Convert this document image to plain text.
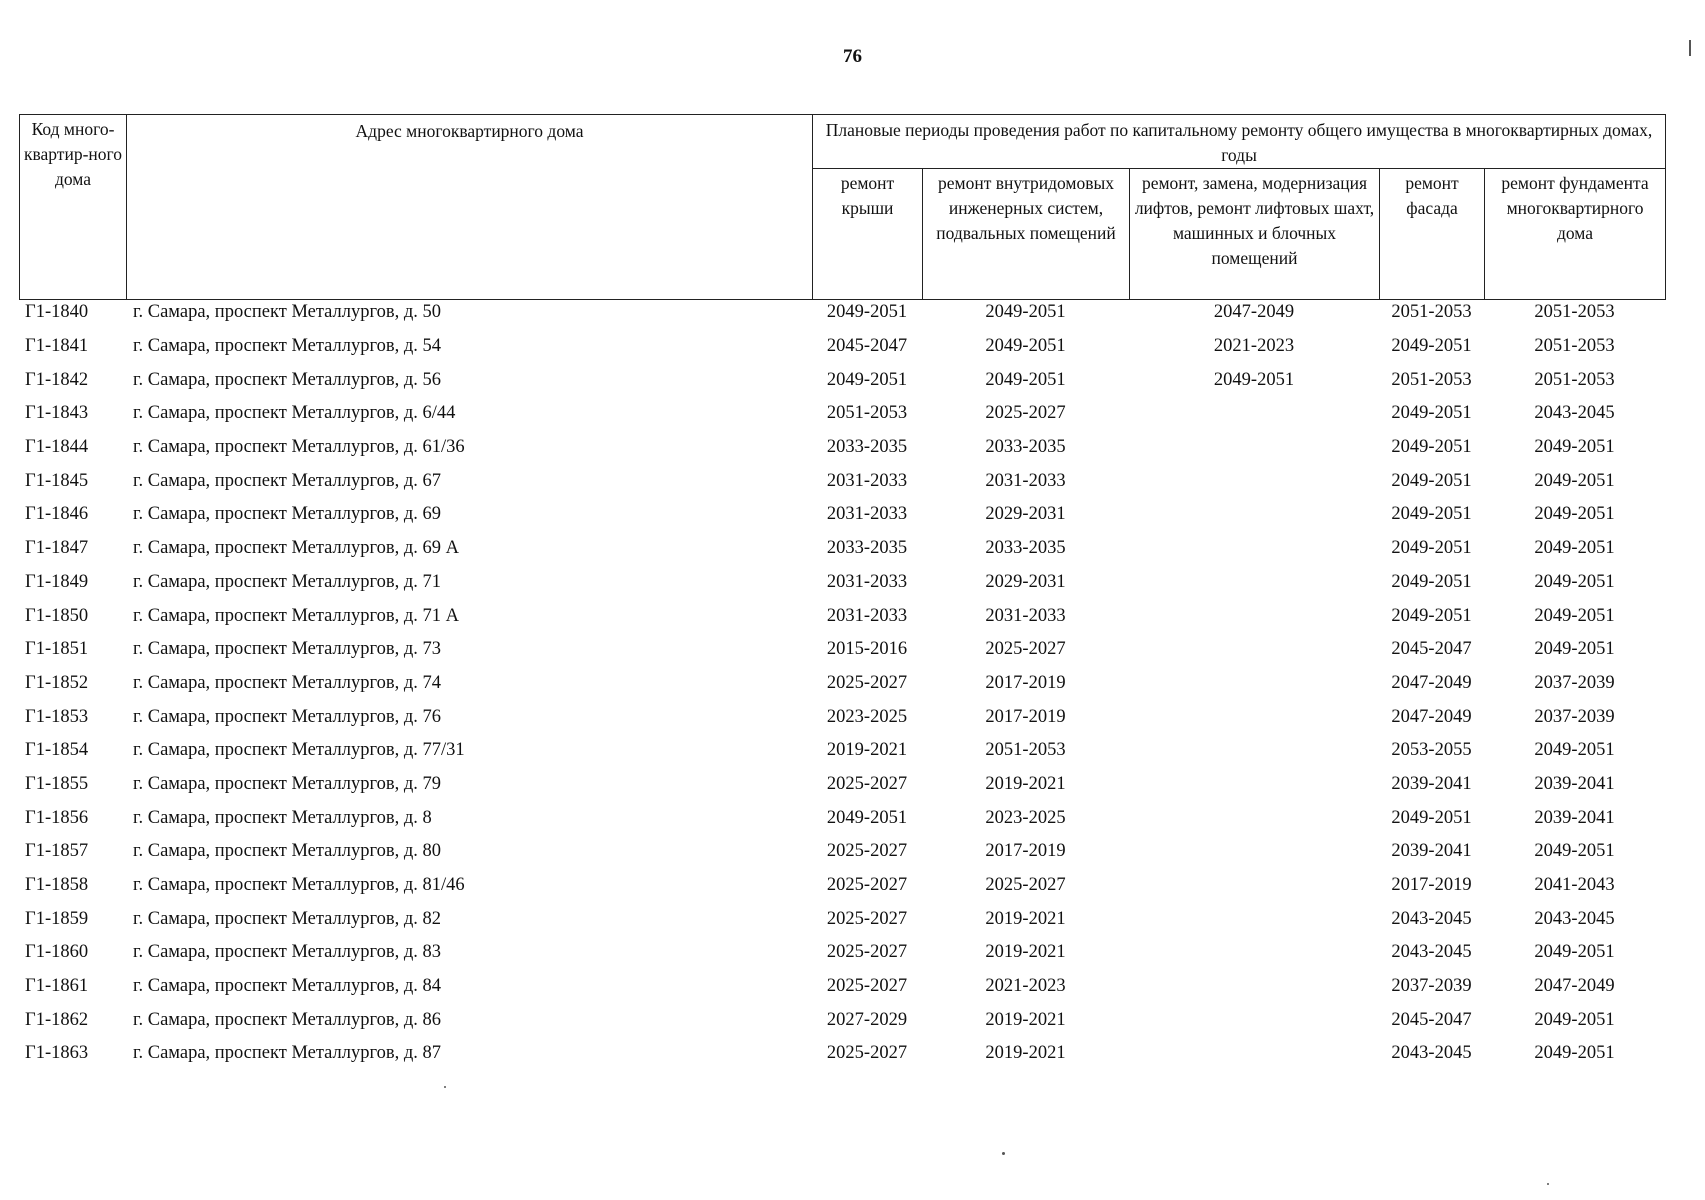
76
Код много-квартир-ного дома	Адрес многоквартирного дома	Плановые периоды проведения работ по капитальному ремонту общего имущества в многоквартирных домах, годы				
		ремонт крыши	ремонт внутридомовых инженерных систем, подвальных помещений	ремонт, замена, модернизация лифтов, ремонт лифтовых шахт, машинных и блочных помещений	ремонт фасада	ремонт фундамента многоквартирного дома
Г1-1840	г. Самара, проспект Металлургов, д. 50	2049-2051	2049-2051	2047-2049	2051-2053	2051-2053
Г1-1841	г. Самара, проспект Металлургов, д. 54	2045-2047	2049-2051	2021-2023	2049-2051	2051-2053
Г1-1842	г. Самара, проспект Металлургов, д. 56	2049-2051	2049-2051	2049-2051	2051-2053	2051-2053
Г1-1843	г. Самара, проспект Металлургов, д. 6/44	2051-2053	2025-2027		2049-2051	2043-2045
Г1-1844	г. Самара, проспект Металлургов, д. 61/36	2033-2035	2033-2035		2049-2051	2049-2051
Г1-1845	г. Самара, проспект Металлургов, д. 67	2031-2033	2031-2033		2049-2051	2049-2051
Г1-1846	г. Самара, проспект Металлургов, д. 69	2031-2033	2029-2031		2049-2051	2049-2051
Г1-1847	г. Самара, проспект Металлургов, д. 69 А	2033-2035	2033-2035		2049-2051	2049-2051
Г1-1849	г. Самара, проспект Металлургов, д. 71	2031-2033	2029-2031		2049-2051	2049-2051
Г1-1850	г. Самара, проспект Металлургов, д. 71 А	2031-2033	2031-2033		2049-2051	2049-2051
Г1-1851	г. Самара, проспект Металлургов, д. 73	2015-2016	2025-2027		2045-2047	2049-2051
Г1-1852	г. Самара, проспект Металлургов, д. 74	2025-2027	2017-2019		2047-2049	2037-2039
Г1-1853	г. Самара, проспект Металлургов, д. 76	2023-2025	2017-2019		2047-2049	2037-2039
Г1-1854	г. Самара, проспект Металлургов, д. 77/31	2019-2021	2051-2053		2053-2055	2049-2051
Г1-1855	г. Самара, проспект Металлургов, д. 79	2025-2027	2019-2021		2039-2041	2039-2041
Г1-1856	г. Самара, проспект Металлургов, д. 8	2049-2051	2023-2025		2049-2051	2039-2041
Г1-1857	г. Самара, проспект Металлургов, д. 80	2025-2027	2017-2019		2039-2041	2049-2051
Г1-1858	г. Самара, проспект Металлургов, д. 81/46	2025-2027	2025-2027		2017-2019	2041-2043
Г1-1859	г. Самара, проспект Металлургов, д. 82	2025-2027	2019-2021		2043-2045	2043-2045
Г1-1860	г. Самара, проспект Металлургов, д. 83	2025-2027	2019-2021		2043-2045	2049-2051
Г1-1861	г. Самара, проспект Металлургов, д. 84	2025-2027	2021-2023		2037-2039	2047-2049
Г1-1862	г. Самара, проспект Металлургов, д. 86	2027-2029	2019-2021		2045-2047	2049-2051
Г1-1863	г. Самара, проспект Металлургов, д. 87	2025-2027	2019-2021		2043-2045	2049-2051
